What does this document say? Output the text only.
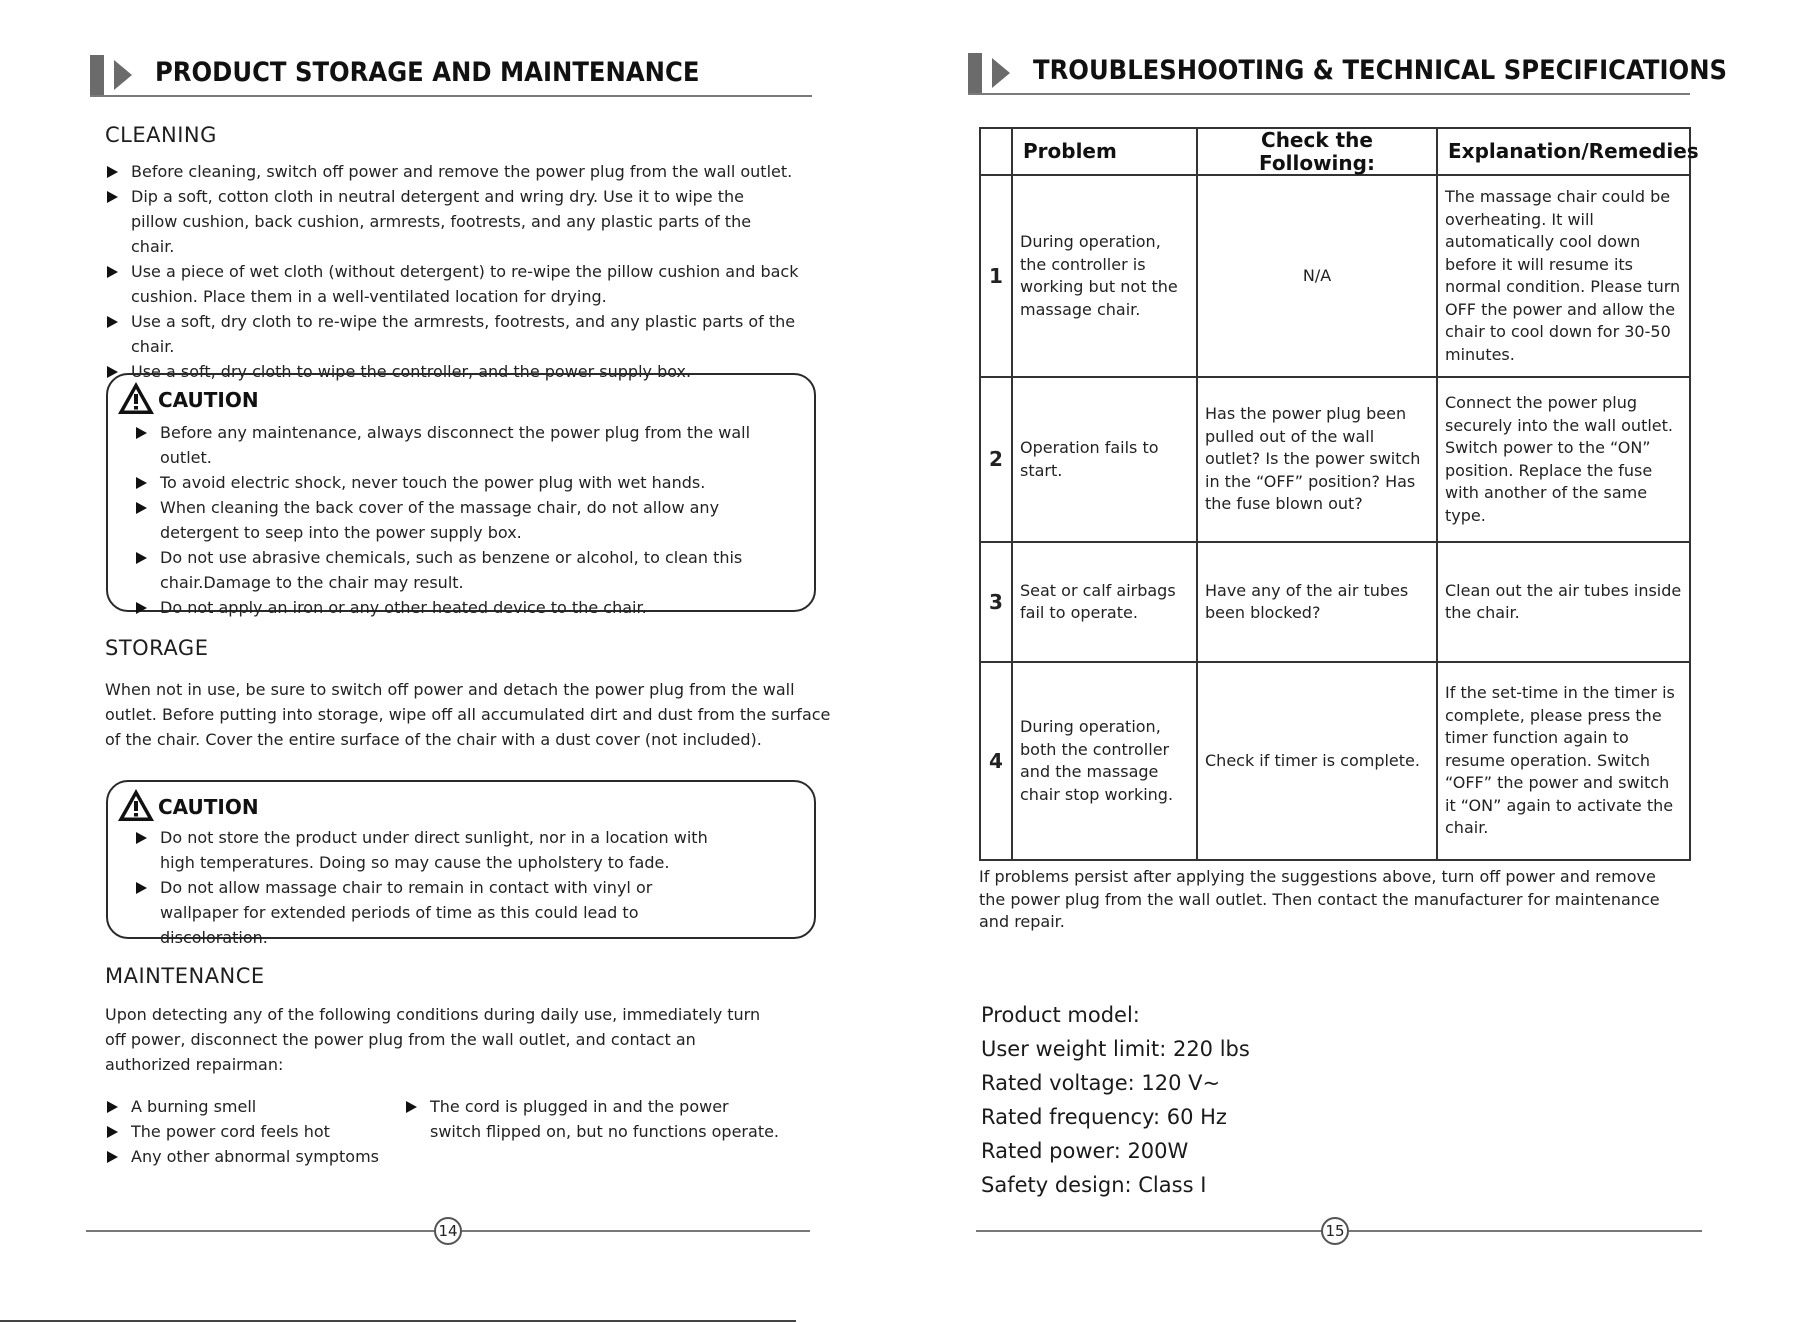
PRODUCT STORAGE AND MAINTENANCE
CLEANING
Before cleaning, switch off power and remove the power plug from the wall outlet.
Dip a soft, cotton cloth in neutral detergent and wring dry. Use it to wipe the pillow cushion, back cushion, armrests, footrests, and any plastic parts of the chair.
Use a piece of wet cloth (without detergent) to re-wipe the pillow cushion and back cushion. Place them in a well-ventilated location for drying.
Use a soft, dry cloth to re-wipe the armrests, footrests, and any plastic parts of the chair.
Use a soft, dry cloth to wipe the controller, and the power supply box.
CAUTION
Before any maintenance, always disconnect the power plug from the wall outlet.
To avoid electric shock, never touch the power plug with wet hands.
When cleaning the back cover of the massage chair, do not allow any detergent to seep into the power supply box.
Do not use abrasive chemicals, such as benzene or alcohol, to clean this chair.Damage to the chair may result.
Do not apply an iron or any other heated device to the chair.
STORAGE
When not in use, be sure to switch off power and detach the power plug from the wall outlet. Before putting into storage, wipe off all accumulated dirt and dust from the surface of the chair. Cover the entire surface of the chair with a dust cover (not included).
CAUTION
Do not store the product under direct sunlight, nor in a location with high temperatures. Doing so may cause the upholstery to fade.
Do not allow massage chair to remain in contact with vinyl or wallpaper for extended periods of time as this could lead to discoloration.
MAINTENANCE
Upon detecting any of the following conditions during daily use, immediately turn off power, disconnect the power plug from the wall outlet, and contact an authorized repairman:
A burning smell
The power cord feels hot
Any other abnormal symptoms
The cord is plugged in and the power switch flipped on, but no functions operate.
14
TROUBLESHOOTING & TECHNICAL SPECIFICATIONS
	Problem	Check the Following:	Explanation/Remedies
1	During operation, the controller is working but not the massage chair.	N/A	The massage chair could be overheating. It will automatically cool down before it will resume its normal condition. Please turn OFF the power and allow the chair to cool down for 30-50 minutes.
2	Operation fails to start.	Has the power plug been pulled out of the wall outlet? Is the power switch in the “OFF” position? Has the fuse blown out?	Connect the power plug securely into the wall outlet. Switch power to the “ON” position. Replace the fuse with another of the same type.
3	Seat or calf airbags fail to operate.	Have any of the air tubes been blocked?	Clean out the air tubes inside the chair.
4	During operation, both the controller and the massage chair stop working.	Check if timer is complete.	If the set-time in the timer is complete, please press the timer function again to resume operation. Switch “OFF” the power and switch it “ON” again to activate the chair.
If problems persist after applying the suggestions above, turn off power and remove the power plug from the wall outlet. Then contact the manufacturer for maintenance and repair.
Product model:
User weight limit: 220 lbs
Rated voltage: 120 V~
Rated frequency: 60 Hz
Rated power: 200W
Safety design: Class I
15
